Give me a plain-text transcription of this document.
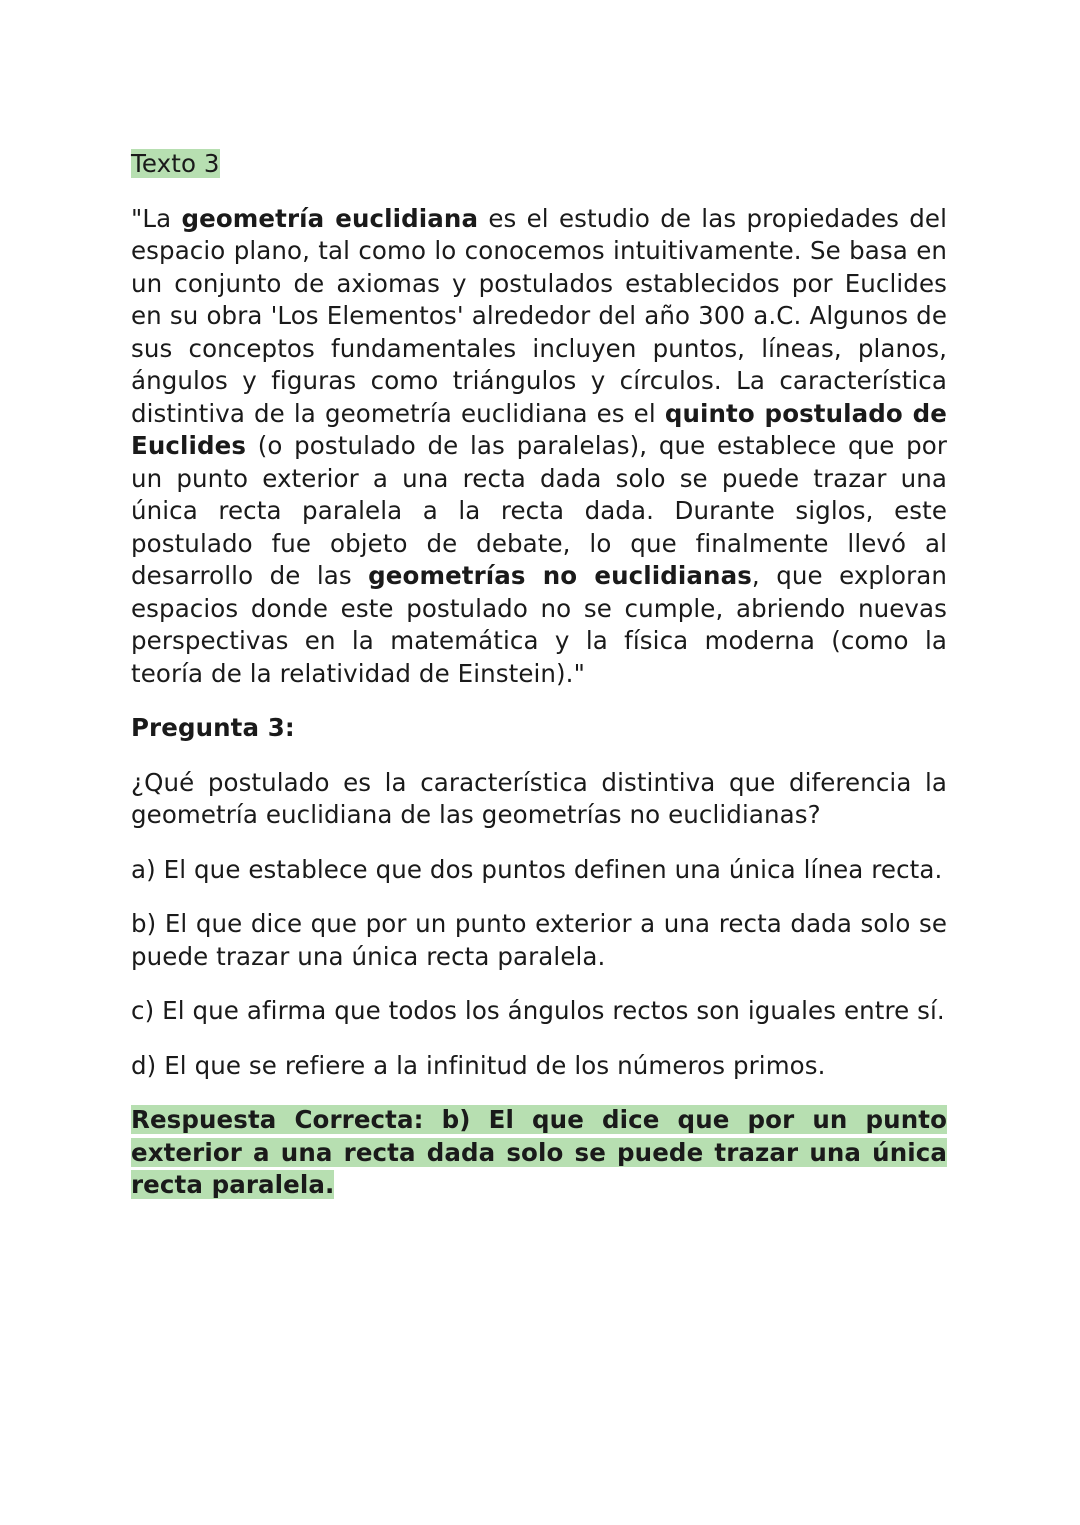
Texto 3

"La geometría euclidiana es el estudio de las propiedades del espacio plano, tal como lo conocemos intuitivamente. Se basa en un conjunto de axiomas y postulados establecidos por Euclides en su obra 'Los Elementos' alrededor del año 300 a.C. Algunos de sus conceptos fundamentales incluyen puntos, líneas, planos, ángulos y figuras como triángulos y círculos. La característica distintiva de la geometría euclidiana es el quinto postulado de Euclides (o postulado de las paralelas), que establece que por un punto exterior a una recta dada solo se puede trazar una única recta paralela a la recta dada. Durante siglos, este postulado fue objeto de debate, lo que finalmente llevó al desarrollo de las geometrías no euclidianas, que exploran espacios donde este postulado no se cumple, abriendo nuevas perspectivas en la matemática y la física moderna (como la teoría de la relatividad de Einstein)."

Pregunta 3:

¿Qué postulado es la característica distintiva que diferencia la geometría euclidiana de las geometrías no euclidianas?

a) El que establece que dos puntos definen una única línea recta.

b) El que dice que por un punto exterior a una recta dada solo se puede trazar una única recta paralela.

c) El que afirma que todos los ángulos rectos son iguales entre sí.

d) El que se refiere a la infinitud de los números primos.

Respuesta Correcta: b) El que dice que por un punto exterior a una recta dada solo se puede trazar una única recta paralela.
